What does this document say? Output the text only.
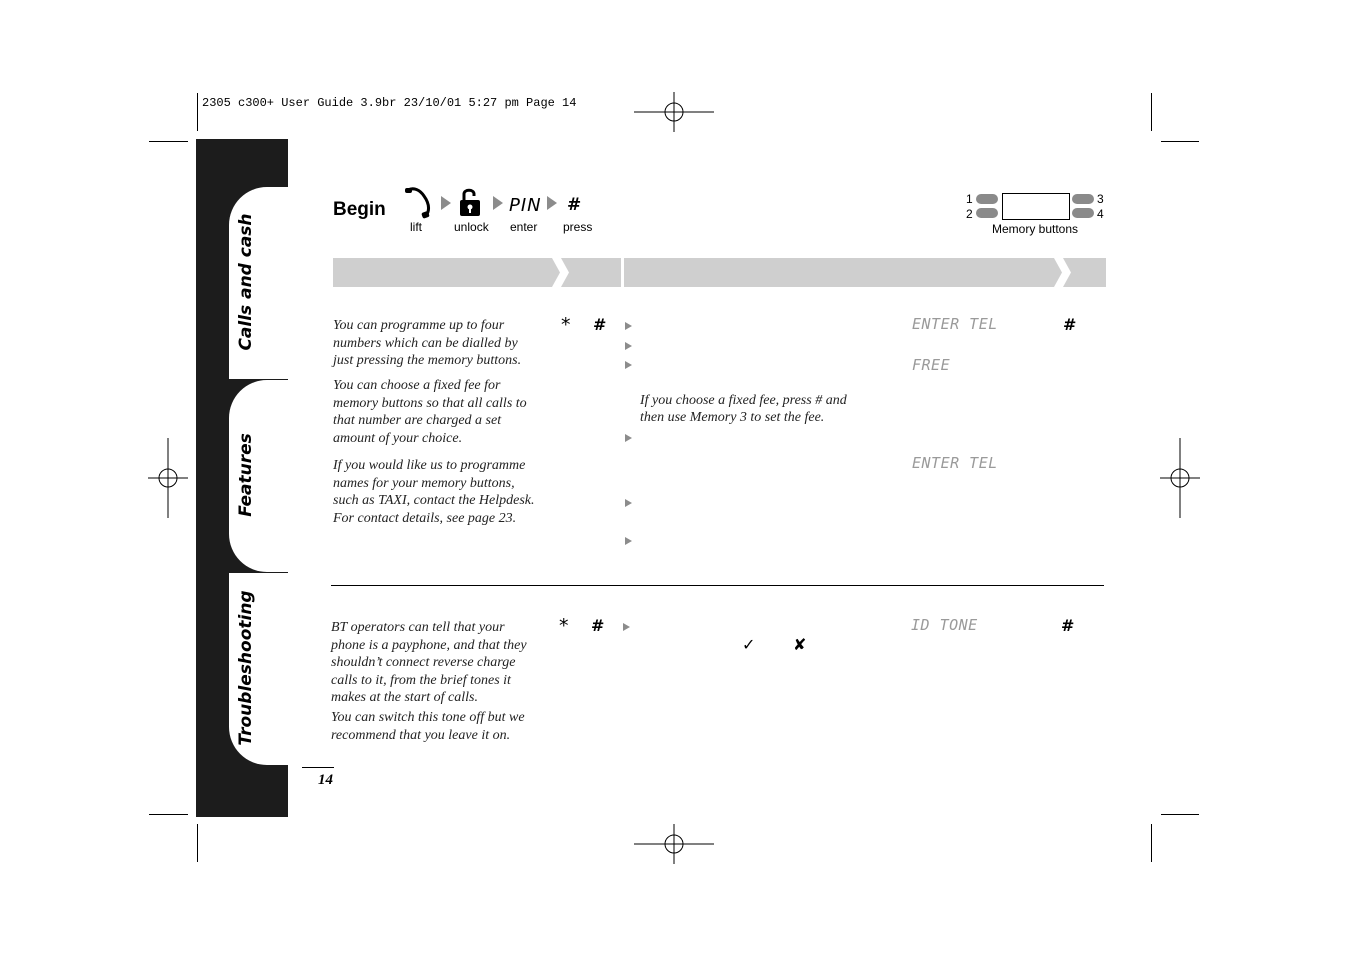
2305 c300+ User Guide 3.9br 23/10/01 5:27 pm Page 14
Calls and cash
Features
Troubleshooting
Begin
lift	unlock
PIN
enter
#
press
1
2
3
4
Memory buttons
You can programme up to four numbers which can be dialled by just pressing the memory buttons.
You can choose a fixed fee for memory buttons so that all calls to that number are charged a set amount of your choice.
If you would like us to programme names for your memory buttons, such as TAXI, contact the Helpdesk. For contact details, see page 23.
* #
If you choose a fixed fee, press # and
then use Memory 3 to set the fee.
ENTER TEL
FREE
ENTER TEL
#
BT operators can tell that your phone is a payphone, and that they shouldn’t connect reverse charge calls to it, from the brief tones it makes at the start of calls.
You can switch this tone off but we recommend that you leave it on.
* #
✓ ✘
ID TONE	#
14
